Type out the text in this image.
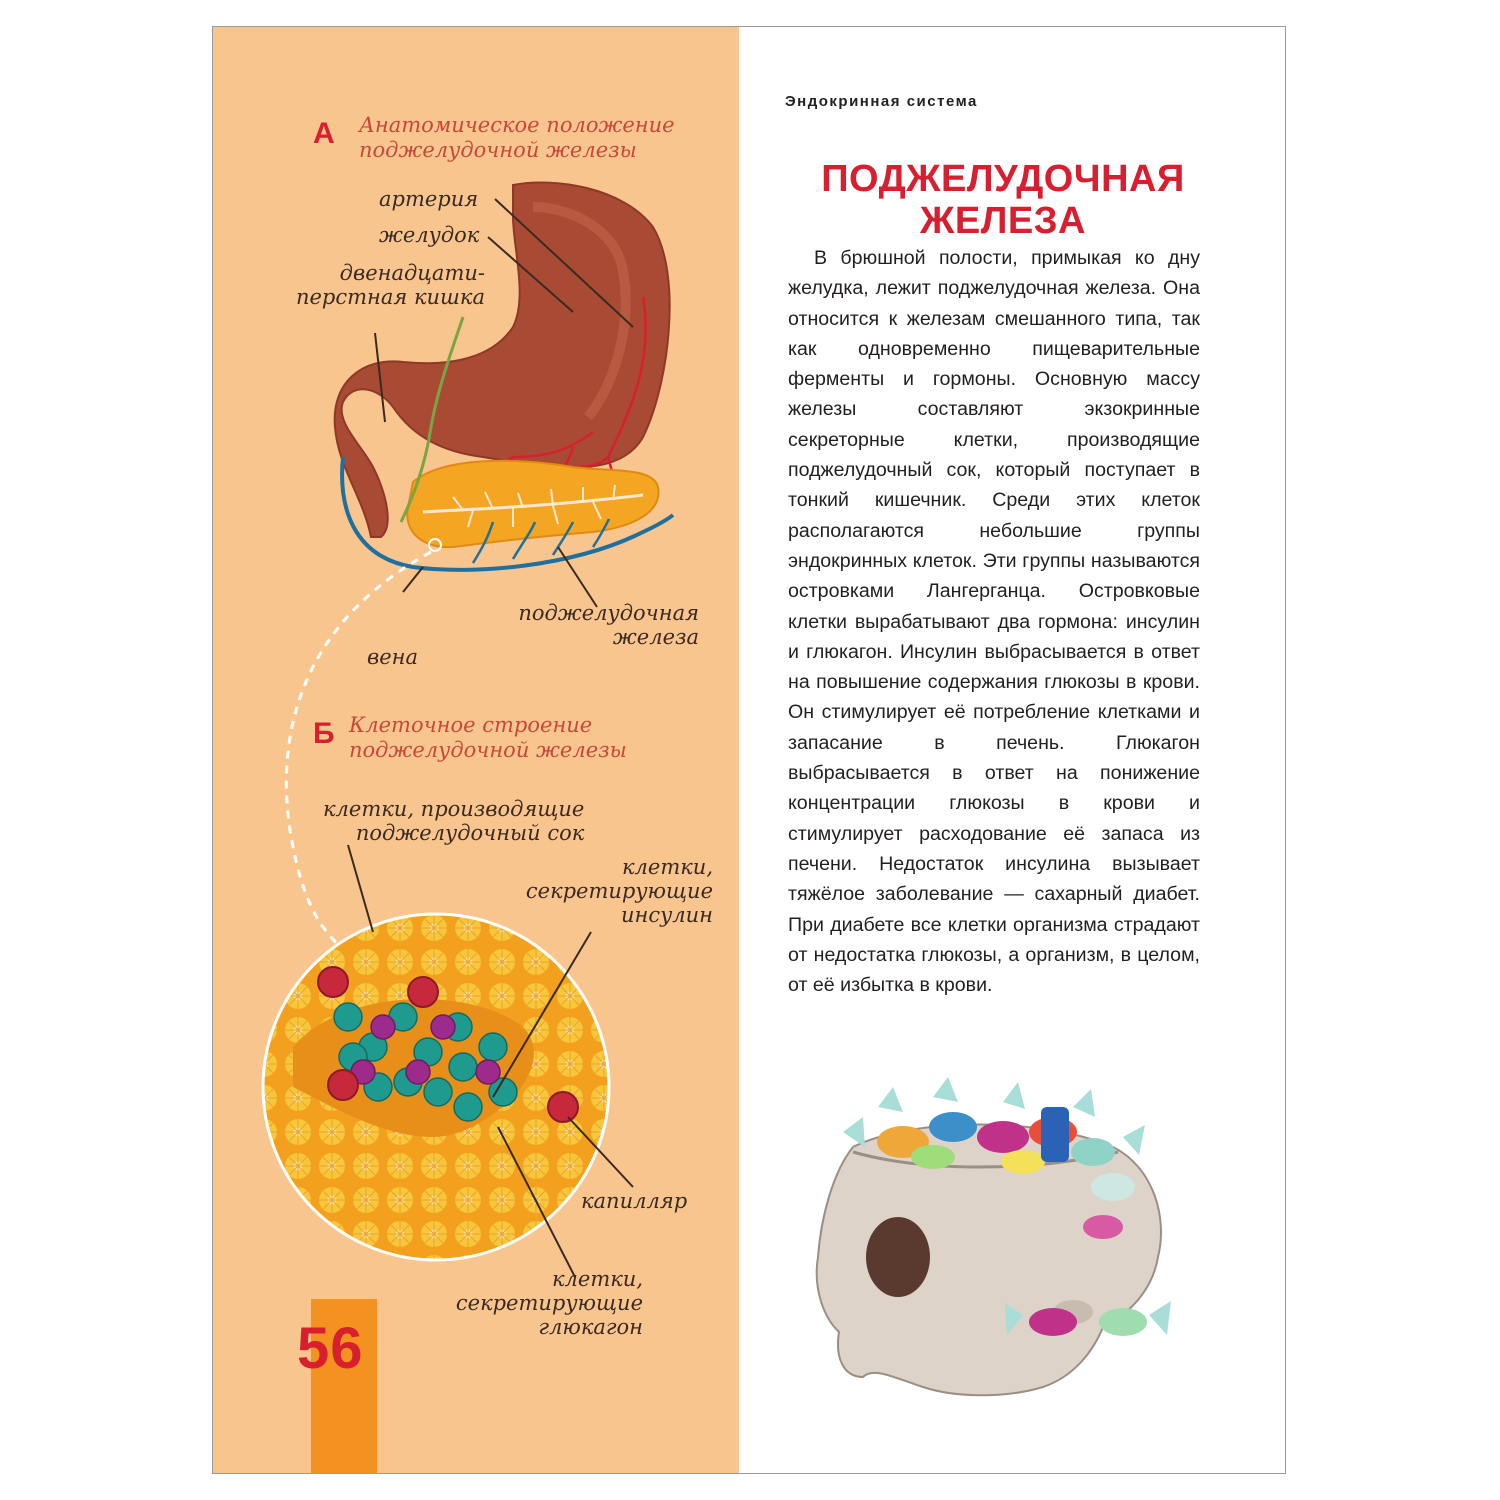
А Анатомическое положение
поджелудочной железы
артерия
желудок
двенадцати-
перстная кишка
вена
поджелудочная
железа
Б Клеточное строение
поджелудочной железы
клетки, производящие
поджелудочный сок
клетки,
секретирующие
инсулин
капилляр
клетки,
секретирующие
глюкагон
56
Эндокринная система
ПОДЖЕЛУДОЧНАЯ
ЖЕЛЕЗА
В брюшной полости, примыкая ко дну желудка, лежит поджелудочная железа. Она относится к железам смешанного типа, так как одновременно пищеварительные ферменты и гормоны. Основную массу железы составляют экзокринные секреторные клетки, производящие поджелудочный сок, который поступает в тонкий кишечник. Среди этих клеток располагаются небольшие группы эндокринных клеток. Эти группы называются островками Лангерганца. Островковые клетки вырабатывают два гормона: инсулин и глюкагон. Инсулин выбрасывается в ответ на повышение содержания глюкозы в крови. Он стимулирует её потребление клетками и запасание в печень. Глюкагон выбрасывается в ответ на понижение концентрации глюкозы в крови и стимулирует расходование её запаса из печени. Недостаток инсулина вызывает тяжёлое заболевание — сахарный диабет. При диабете все клетки организма страдают от недостатка глюкозы, а организм, в целом, от её избытка в крови.
